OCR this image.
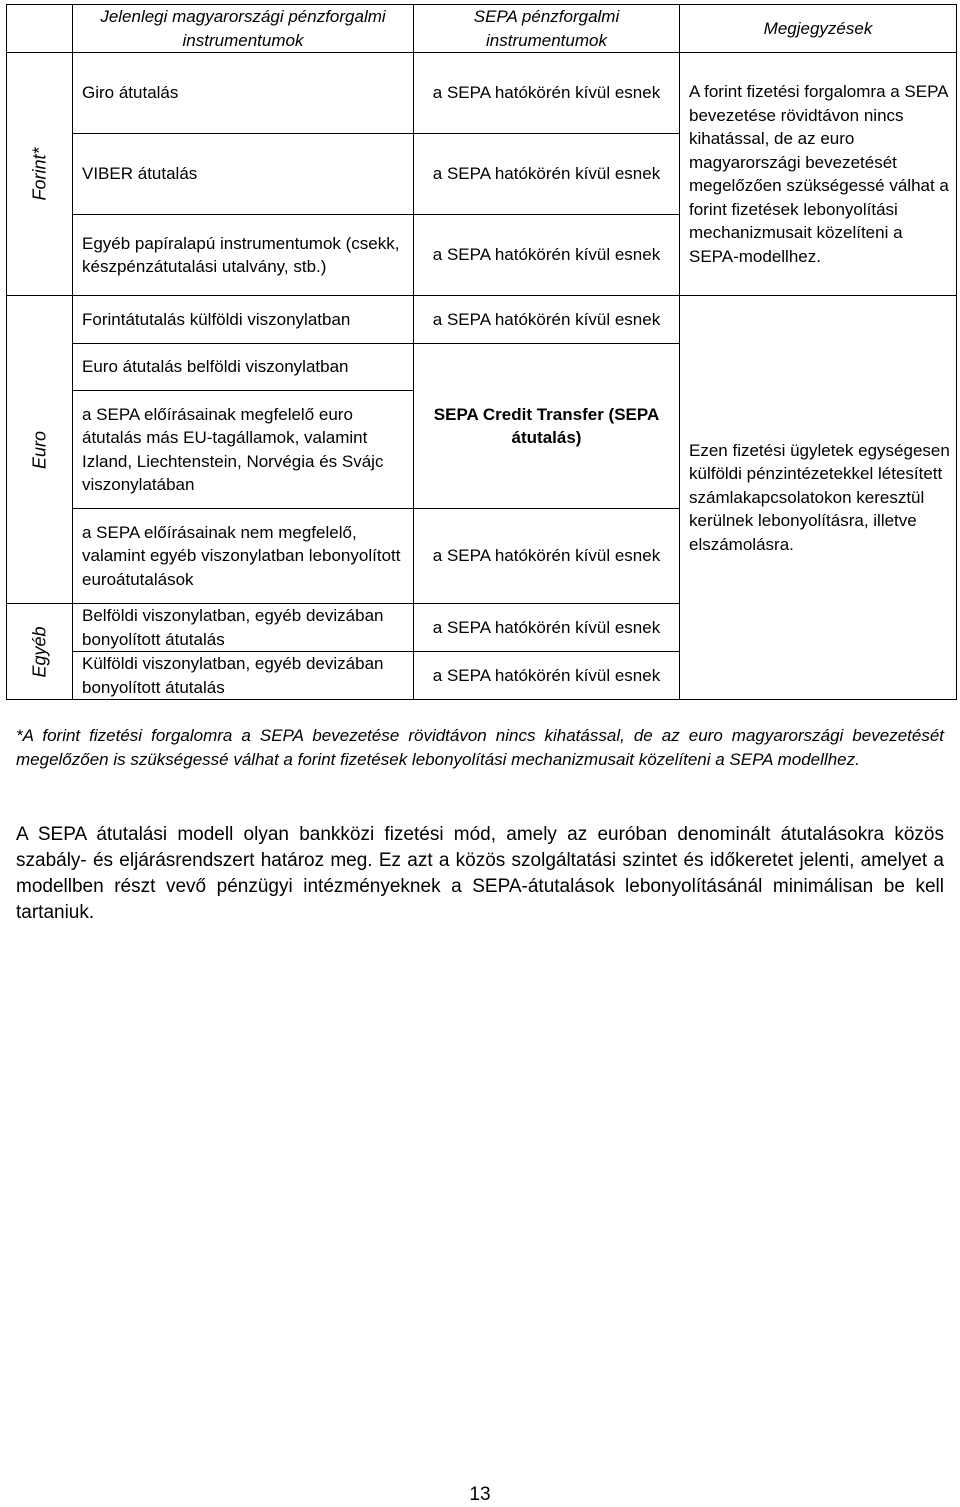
	Jelenlegi magyarországi pénzforgalmi instrumentumok	SEPA pénzforgalmi instrumentumok	Megjegyzések

Forint*	Giro átutalás	a SEPA hatókörén kívül esnek	A forint fizetési forgalomra a SEPA bevezetése rövidtávon nincs kihatással, de az euro magyarországi bevezetését megelőzően szükségessé válhat a forint fizetések lebonyolítási mechanizmusait közelíteni a SEPA-modellhez.
	VIBER átutalás	a SEPA hatókörén kívül esnek	
	Egyéb papíralapú instrumentumok (csekk, készpénzátutalási utalvány, stb.)	a SEPA hatókörén kívül esnek	

Euro	Forintátutalás külföldi viszonylatban	a SEPA hatókörén kívül esnek	Ezen fizetési ügyletek egységesen külföldi pénzintézetekkel létesített számlakapcsolatokon keresztül kerülnek lebonyolításra, illetve elszámolásra.
	Euro átutalás belföldi viszonylatban	SEPA Credit Transfer (SEPA átutalás)	
	a SEPA előírásainak megfelelő euro átutalás más EU-tagállamok, valamint Izland, Liechtenstein, Norvégia és Svájc viszonylatában		
	a SEPA előírásainak nem megfelelő, valamint egyéb viszonylatban lebonyolított euroátutalások	a SEPA hatókörén kívül esnek	

Egyéb	Belföldi viszonylatban, egyéb devizában bonyolított átutalás	a SEPA hatókörén kívül esnek	
	Külföldi viszonylatban, egyéb devizában bonyolított átutalás	a SEPA hatókörén kívül esnek	
*A forint fizetési forgalomra a SEPA bevezetése rövidtávon nincs kihatással, de az euro magyarországi bevezetését megelőzően is szükségessé válhat a forint fizetések lebonyolítási mechanizmusait közelíteni a SEPA modellhez.
A SEPA átutalási modell olyan bankközi fizetési mód, amely az euróban denominált átutalásokra közös szabály- és eljárásrendszert határoz meg. Ez azt a közös szolgáltatási szintet és időkeretet jelenti, amelyet a modellben részt vevő pénzügyi intézményeknek a SEPA-átutalások lebonyolításánál minimálisan be kell tartaniuk.
13
